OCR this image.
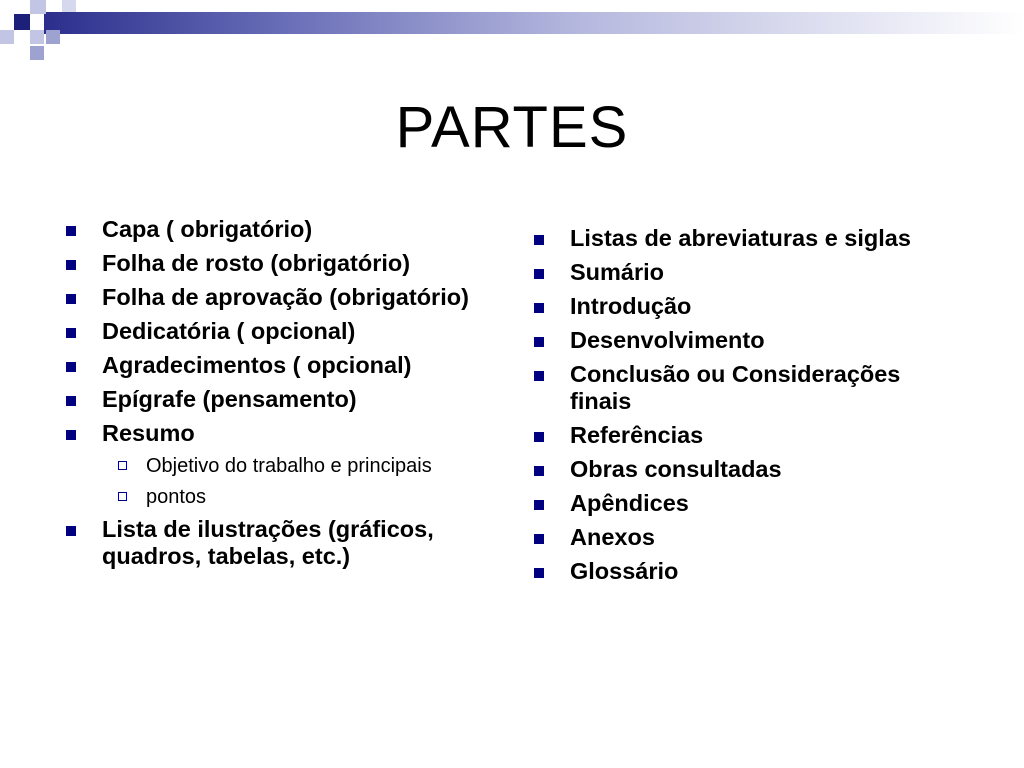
PARTES
Capa ( obrigatório)
Folha de rosto (obrigatório)
Folha de aprovação (obrigatório)
Dedicatória ( opcional)
Agradecimentos ( opcional)
Epígrafe (pensamento)
Resumo
Objetivo do trabalho e principais
pontos
Lista de ilustrações (gráficos, quadros, tabelas, etc.)
Listas de abreviaturas e siglas
Sumário
Introdução
Desenvolvimento
Conclusão ou Considerações finais
Referências
Obras consultadas
Apêndices
Anexos
Glossário
